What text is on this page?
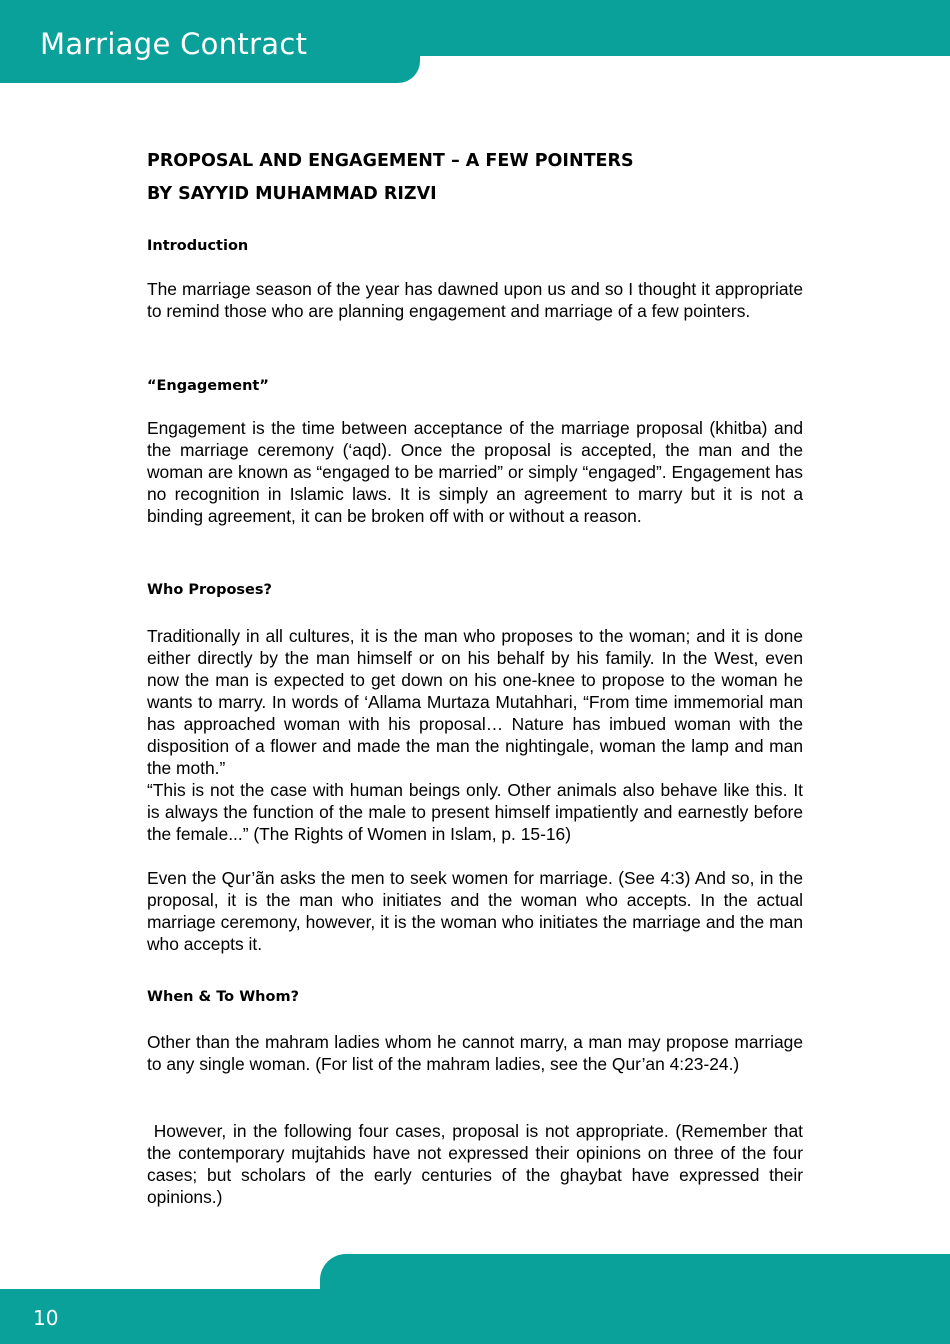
Marriage Contract
PROPOSAL AND ENGAGEMENT – A FEW POINTERS
BY SAYYID MUHAMMAD RIZVI
Introduction

The marriage season of the year has dawned upon us and so I thought it appropriate to remind those who are planning engagement and marriage of a few pointers.

“Engagement”

Engagement is the time between acceptance of the marriage proposal (khitba) and the marriage ceremony (‘aqd). Once the proposal is accepted, the man and the woman are known as “engaged to be married” or simply “engaged”. Engagement has no recognition in Islamic laws. It is simply an agreement to marry but it is not a binding agreement, it can be broken off with or without a reason.

Who Proposes?

Traditionally in all cultures, it is the man who proposes to the woman; and it is done either directly by the man himself or on his behalf by his family. In the West, even now the man is expected to get down on his one-knee to propose to the woman he wants to marry. In words of ‘Allama Murtaza Mutahhari, “From time immemorial man has approached woman with his proposal… Nature has imbued woman with the disposition of a flower and made the man the nightingale, woman the lamp and man the moth.”

“This is not the case with human beings only. Other animals also behave like this. It is always the function of the male to present himself impatiently and earnestly before the female...” (The Rights of Women in Islam, p. 15-16)

Even the Qur’ãn asks the men to seek women for marriage. (See 4:3) And so, in the proposal, it is the man who initiates and the woman who accepts. In the actual marriage ceremony, however, it is the woman who initiates the marriage and the man who accepts it.

When & To Whom?

Other than the mahram ladies whom he cannot marry, a man may propose marriage to any single woman. (For list of the mahram ladies, see the Qur’an 4:23-24.)

However, in the following four cases, proposal is not appropriate. (Remember that the contemporary mujtahids have not expressed their opinions on three of the four cases; but scholars of the early centuries of the ghaybat have expressed their opinions.)

10
